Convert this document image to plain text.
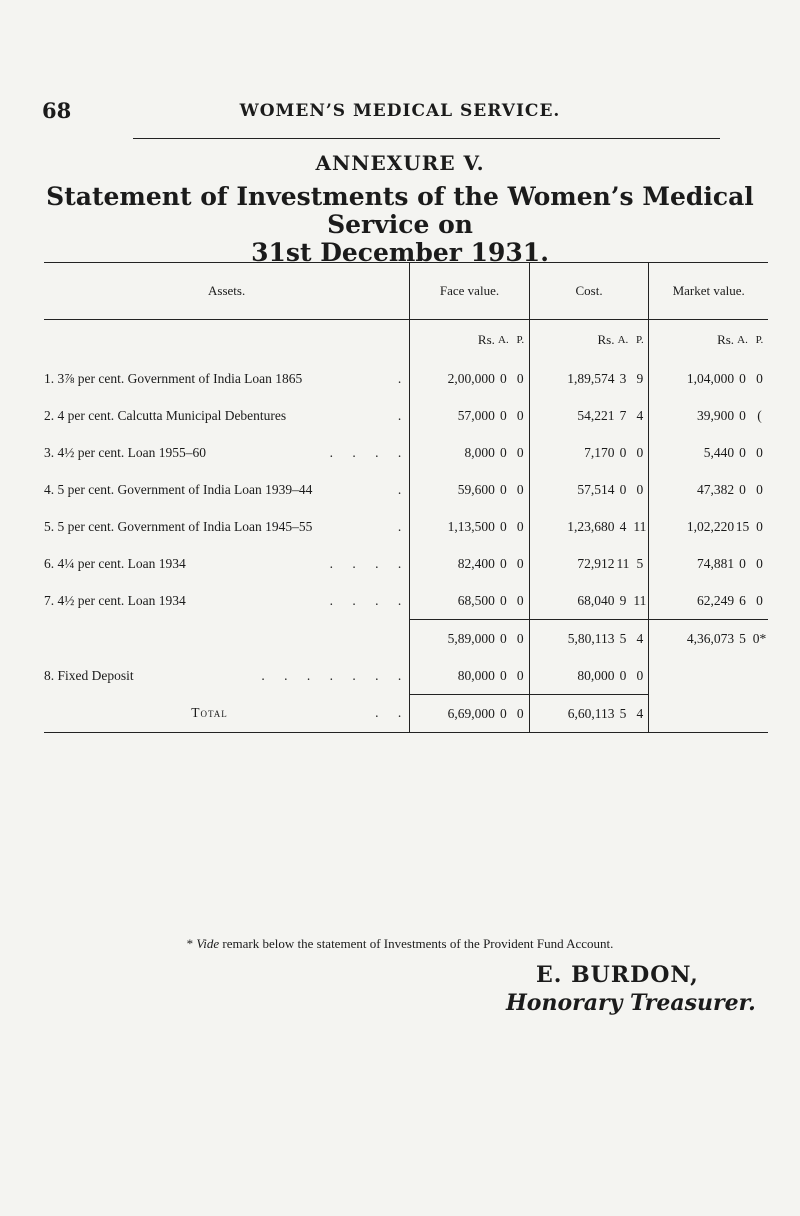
68	WOMEN’S MEDICAL SERVICE.
ANNEXURE V.
Statement of Investments of the Women’s Medical Service on
31st December 1931.
Assets.	Face value.			Cost.			Market value.		
	Rs.	A.	P.	Rs.	A.	P.	Rs.	A.	P.

1. 3⅞ per cent. Government of India Loan 1865 .	2,00,000	0	0	1,89,574	3	9	1,04,000	0	0

2. 4 per cent. Calcutta Municipal Debentures .	57,000	0	0	54,221	7	4	39,900	0	(

3. 4½ per cent. Loan 1955–60 . . . .	8,000	0	0	7,170	0	0	5,440	0	0

4. 5 per cent. Government of India Loan 1939–44 .	59,600	0	0	57,514	0	0	47,382	0	0

5. 5 per cent. Government of India Loan 1945–55 .	1,13,500	0	0	1,23,680	4	11	1,02,220	15	0

6. 4¼ per cent. Loan 1934 . . . .	82,400	0	0	72,912	11	5	74,881	0	0

7. 4½ per cent. Loan 1934 . . . .	68,500	0	0	68,040	9	11	62,249	6	0
	5,89,000	0	0	5,80,113	5	4	4,36,073	5	0*

8. Fixed Deposit . . . . . . .	80,000	0	0	80,000	0	0			

Total . .	6,69,000	0	0	6,60,113	5	4			
* Vide remark below the statement of Investments of the Provident Fund Account.
E. BURDON,
Honorary Treasurer.
